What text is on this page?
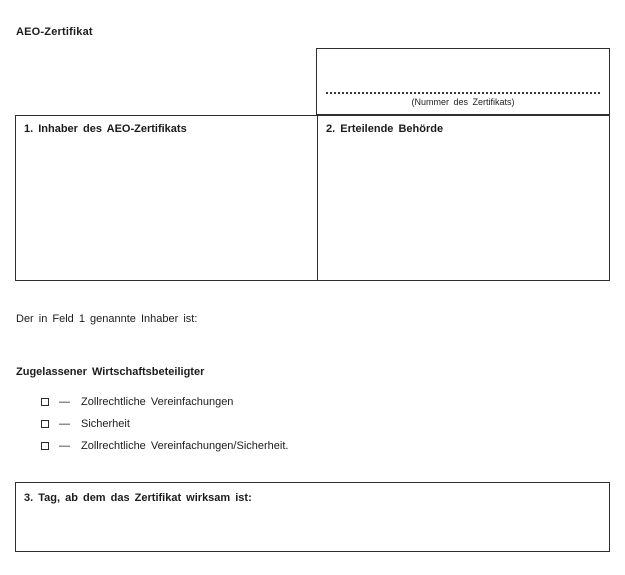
AEO-Zertifikat
(Nummer des Zertifikats)
1. Inhaber des AEO-Zertifikats	2. Erteilende Behörde
Der in Feld 1 genannte Inhaber ist:
Zugelassener Wirtschaftsbeteiligter
— Zollrechtliche Vereinfachungen
— Sicherheit
— Zollrechtliche Vereinfachungen/Sicherheit.
3. Tag, ab dem das Zertifikat wirksam ist:
